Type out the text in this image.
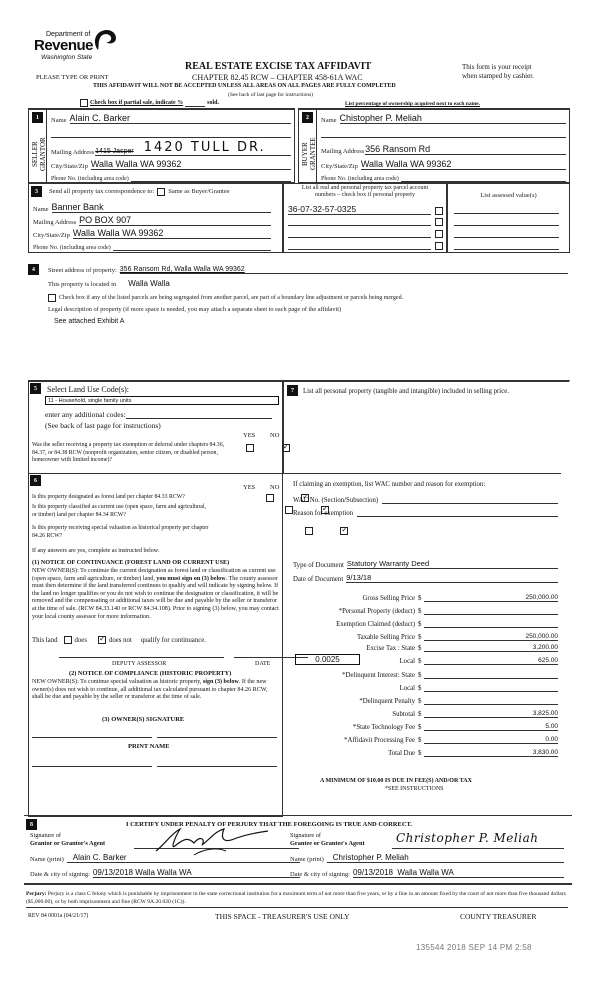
Department of
Revenue
Washington State
PLEASE TYPE OR PRINT
REAL ESTATE EXCISE TAX AFFIDAVIT
CHAPTER 82.45 RCW – CHAPTER 458-61A WAC
This form is your receipt
when stamped by cashier.
THIS AFFIDAVIT WILL NOT BE ACCEPTED UNLESS ALL AREAS ON ALL PAGES ARE FULLY COMPLETED
(See back of last page for instructions)
Check box if partial sale, indicate %	sold.	List percentage of ownership acquired next to each name.
1
SELLER
GRANTOR
Name Alain C. Barker
Mailing Address 1415 Jasper 1420 TULL DR.
City/State/Zip Walla Walla WA 99362
Phone No. (including area code)
2
BUYER
GRANTEE
Name Chistopher P. Meliah
Mailing Address 356 Ransom Rd
City/State/Zip Walla Walla WA 99362
Phone No. (including area code)
3	Send all property tax correspondence to: Same as Buyer/Grantee
Name Banner Bank
Mailing Address PO BOX 907
City/State/Zip Walla Walla WA 99362
Phone No. (including area code)
List all real and personal property tax parcel account
numbers – check box if personal property
36-07-32-57-0325
List assessed value(s)
4	Street address of property: 356 Ransom Rd, Walla Walla WA 99362
This property is located in Walla Walla
Check box if any of the listed parcels are being segregated from another parcel, are part of a boundary line adjustment or parcels being merged.
Legal description of property (if more space is needed, you may attach a separate sheet to each page of the affidavit)
See attached Exhibit A
5	Select Land Use Code(s):
11 - Household, single family units
enter any additional codes:
(See back of last page for instructions)
YES NO
Was the seller receiving a property tax exemption or deferral under chapters 84.36, 84.37, or 84.38 RCW (nonprofit organization, senior citizen, or disabled person, homeowner with limited income)?
✓
6
YES NO
Is this property designated as forest land per chapter 84.33 RCW?
✓
Is this property classified as current use (open space, farm and agricultural, or timber) land per chapter 84.34 RCW?
✓
Is this property receiving special valuation as historical property per chapter 84.26 RCW?
✓
If any answers are yes, complete as instructed below.
(1) NOTICE OF CONTINUANCE (FOREST LAND OR CURRENT USE)
NEW OWNER(S): To continue the current designation as forest land or classification as current use (open space, farm and agriculture, or timber) land, you must sign on (3) below. The county assessor must then determine if the land transferred continues to qualify and will indicate by signing below. If the land no longer qualifies or you do not wish to continue the designation or classification, it will be removed and the compensating or additional taxes will be due and payable by the seller or transferor at the time of sale. (RCW 84.33.140 or RCW 84.34.108). Prior to signing (3) below, you may contact your local county assessor for more information.
This land	does ✓	does not qualify for continuance.
DEPUTY ASSESSOR	DATE
(2) NOTICE OF COMPLIANCE (HISTORIC PROPERTY)
NEW OWNER(S): To continue special valuation as historic property, sign (3) below. If the new owner(s) does not wish to continue, all additional tax calculated pursuant to chapter 84.26 RCW, shall be due and payable by the seller or transferor at the time of sale.
(3) OWNER(S) SIGNATURE
PRINT NAME
7	List all personal property (tangible and intangible) included in selling price.
If claiming an exemption, list WAC number and reason for exemption:
WAC No. (Section/Subsection)
Reason for exemption
Type of Document Statutory Warranty Deed
Date of Document 9/13/18
Gross Selling Price $	250,000.00
*Personal Property (deduct) $
Exemption Claimed (deduct) $
Taxable Selling Price $	250,000.00
Excise Tax : State $	3,200.00
0.0025	Local $	625.00
*Delinquent Interest: State $
Local $
*Delinquent Penalty $
Subtotal $	3,825.00
*State Technology Fee $	5.00
*Affidavit Processing Fee $	0.00
Total Due $	3,830.00
A MINIMUM OF $10.00 IS DUE IN FEE(S) AND/OR TAX
*SEE INSTRUCTIONS
8	I CERTIFY UNDER PENALTY OF PERJURY THAT THE FOREGOING IS TRUE AND CORRECT.
Signature of
Grantor or Grantor's Agent
Name (print)	Alain C. Barker
Date & city of signing: 09/13/2018 Walla Walla WA
Signature of
Grantee or Grantee's Agent	Christopher P. Meliah
Name (print)	Christopher P. Meliah
Date & city of signing: 09/13/2018  Walla Walla WA
Perjury: Perjury is a class C felony which is punishable by imprisonment in the state correctional institution for a maximum term of not more than five years, or by a fine in an amount fixed by the court of not more than five thousand dollars ($5,000.00), or by both imprisonment and fine (RCW 9A.20.020 (1C)).
REV 84 0001a (04/21/17)	THIS SPACE - TREASURER'S USE ONLY	COUNTY TREASURER
135544 2018 SEP 14 PM 2:58
